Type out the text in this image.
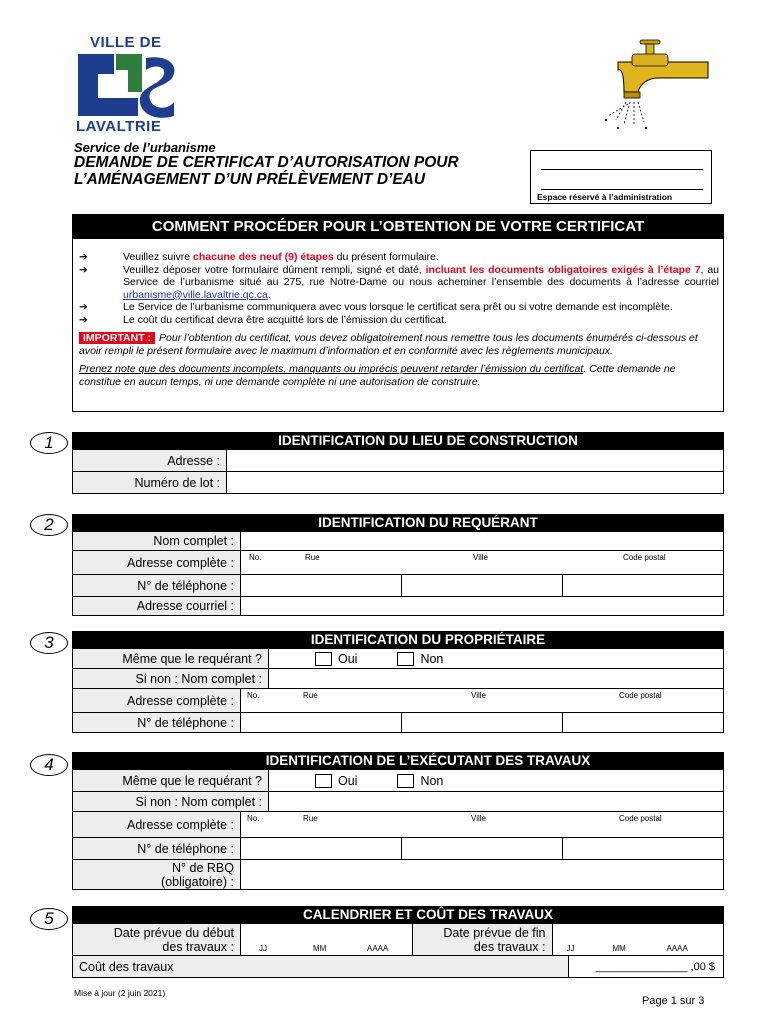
VILLE DE
LAVALTRIE
Service de l’urbanisme
DEMANDE DE CERTIFICAT D’AUTORISATION POUR
L’AMÉNAGEMENT D’UN PRÉLÈVEMENT D’EAU
Espace réservé à l’administration
COMMENT PROCÉDER POUR L’OBTENTION DE VOTRE CERTIFICAT
➔	Veuillez suivre chacune des neuf (9) étapes du présent formulaire.
➔	Veuillez déposer votre formulaire dûment rempli, signé et daté, incluant les documents obligatoires exigés à l’étape 7, au Service de l’urbanisme situé au 275, rue Notre-Dame ou nous acheminer l’ensemble des documents à l’adresse courriel urbanisme@ville.lavaltrie.qc.ca.
➔	Le Service de l’urbanisme communiquera avec vous lorsque le certificat sera prêt ou si votre demande est incomplète.
➔	Le coût du certificat devra être acquitté lors de l’émission du certificat.
IMPORTANT : Pour l’obtention du certificat, vous devez obligatoirement nous remettre tous les documents énumérés ci-dessous et avoir rempli le présent formulaire avec le maximum d’information et en conformité avec les règlements municipaux.
Prenez note que des documents incomplets, manquants ou imprécis peuvent retarder l’émission du certificat. Cette demande ne constitue en aucun temps, ni une demande complète ni une autorisation de construire.
1	IDENTIFICATION DU LIEU DE CONSTRUCTION
Adresse :
Numéro de lot :
2	IDENTIFICATION DU REQUÉRANT
Nom complet :
Adresse complète :	No.	Rue	Ville	Code postal
N° de téléphone :
Adresse courriel :
3	IDENTIFICATION DU PROPRIÉTAIRE
Même que le requérant ?	Oui	Non
Si non : Nom complet :
Adresse complète :	No.	Rue	Ville	Code postal
N° de téléphone :
4	IDENTIFICATION DE L’EXÉCUTANT DES TRAVAUX
Même que le requérant ?	Oui	Non
Si non : Nom complet :
Adresse complète :	No.	Rue	Ville	Code postal
N° de téléphone :
N° de RBQ
(obligatoire) :
5	CALENDRIER ET COÛT DES TRAVAUX
Date prévue du début
des travaux :	JJ	MM	AAAA
Date prévue de fin
des travaux :	JJ	MM	AAAA
Coût des travaux	_______________ ,00 $
Mise à jour (2 juin 2021)
Page 1 sur 3
